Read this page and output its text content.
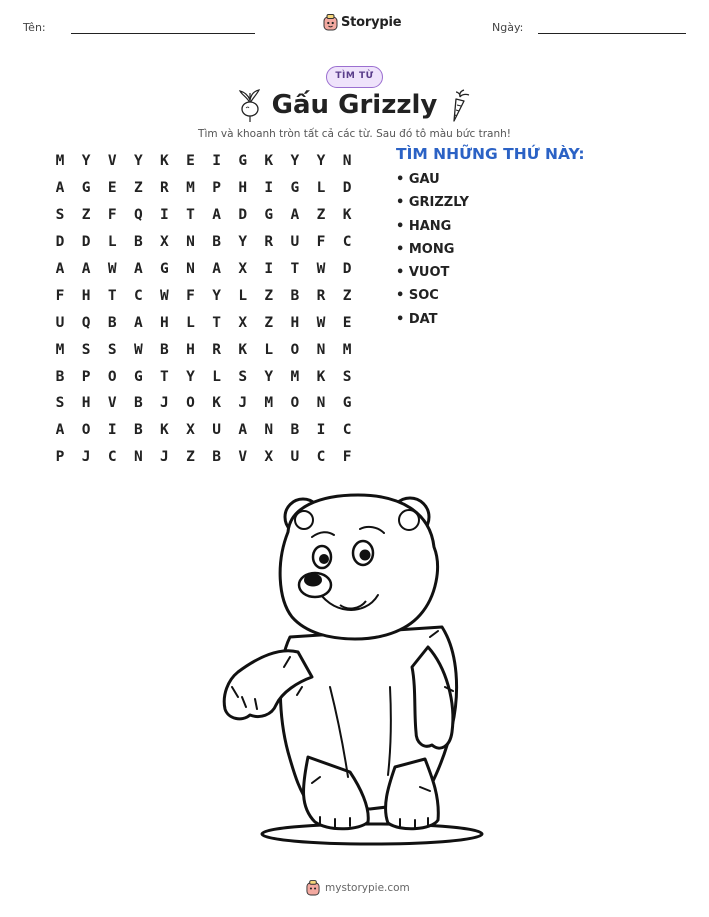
Tên:	Storypie	Ngày:
TÌM TỪ
Gấu Grizzly
Tìm và khoanh tròn tất cả các từ. Sau đó tô màu bức tranh!
M	Y	V	Y	K	E	I	G	K	Y	Y	N
A	G	E	Z	R	M	P	H	I	G	L	D
S	Z	F	Q	I	T	A	D	G	A	Z	K
D	D	L	B	X	N	B	Y	R	U	F	C
A	A	W	A	G	N	A	X	I	T	W	D
F	H	T	C	W	F	Y	L	Z	B	R	Z
U	Q	B	A	H	L	T	X	Z	H	W	E
M	S	S	W	B	H	R	K	L	O	N	M
B	P	O	G	T	Y	L	S	Y	M	K	S
S	H	V	B	J	O	K	J	M	O	N	G
A	O	I	B	K	X	U	A	N	B	I	C
P	J	C	N	J	Z	B	V	X	U	C	F
TÌM NHỮNG THỨ NÀY:
• GAU
• GRIZZLY
• HANG
• MONG
• VUOT
• SOC
• DAT
mystorypie.com
